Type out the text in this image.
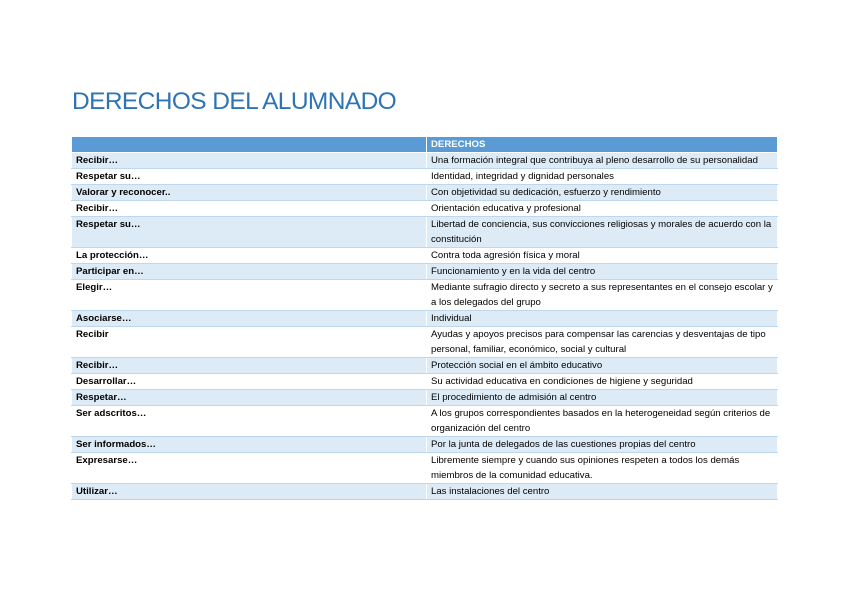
DERECHOS DEL ALUMNADO
	DERECHOS
Recibir…	Una formación integral que contribuya al pleno desarrollo de su personalidad
Respetar su…	Identidad, integridad y dignidad personales
Valorar y reconocer..	Con objetividad su dedicación, esfuerzo y rendimiento
Recibir…	Orientación educativa y profesional
Respetar su…	Libertad de conciencia, sus convicciones religiosas y morales de acuerdo con la constitución
La protección…	Contra toda agresión física y moral
Participar en…	Funcionamiento y en la vida del centro
Elegir…	Mediante sufragio directo y secreto a sus representantes en el consejo escolar y a los delegados del grupo
Asociarse…	Individual
Recibir	Ayudas y apoyos precisos para compensar las carencias y desventajas de tipo personal, familiar, económico, social y cultural
Recibir…	Protección social en el ámbito educativo
Desarrollar…	Su actividad educativa en condiciones de higiene y seguridad
Respetar…	El procedimiento de admisión al centro
Ser adscritos…	A los grupos correspondientes basados en la heterogeneidad según criterios de organización del centro
Ser informados…	Por la junta de delegados de las cuestiones propias del centro
Expresarse…	Libremente siempre y cuando sus opiniones respeten a todos los demás miembros de la comunidad educativa.
Utilizar…	Las instalaciones del centro
